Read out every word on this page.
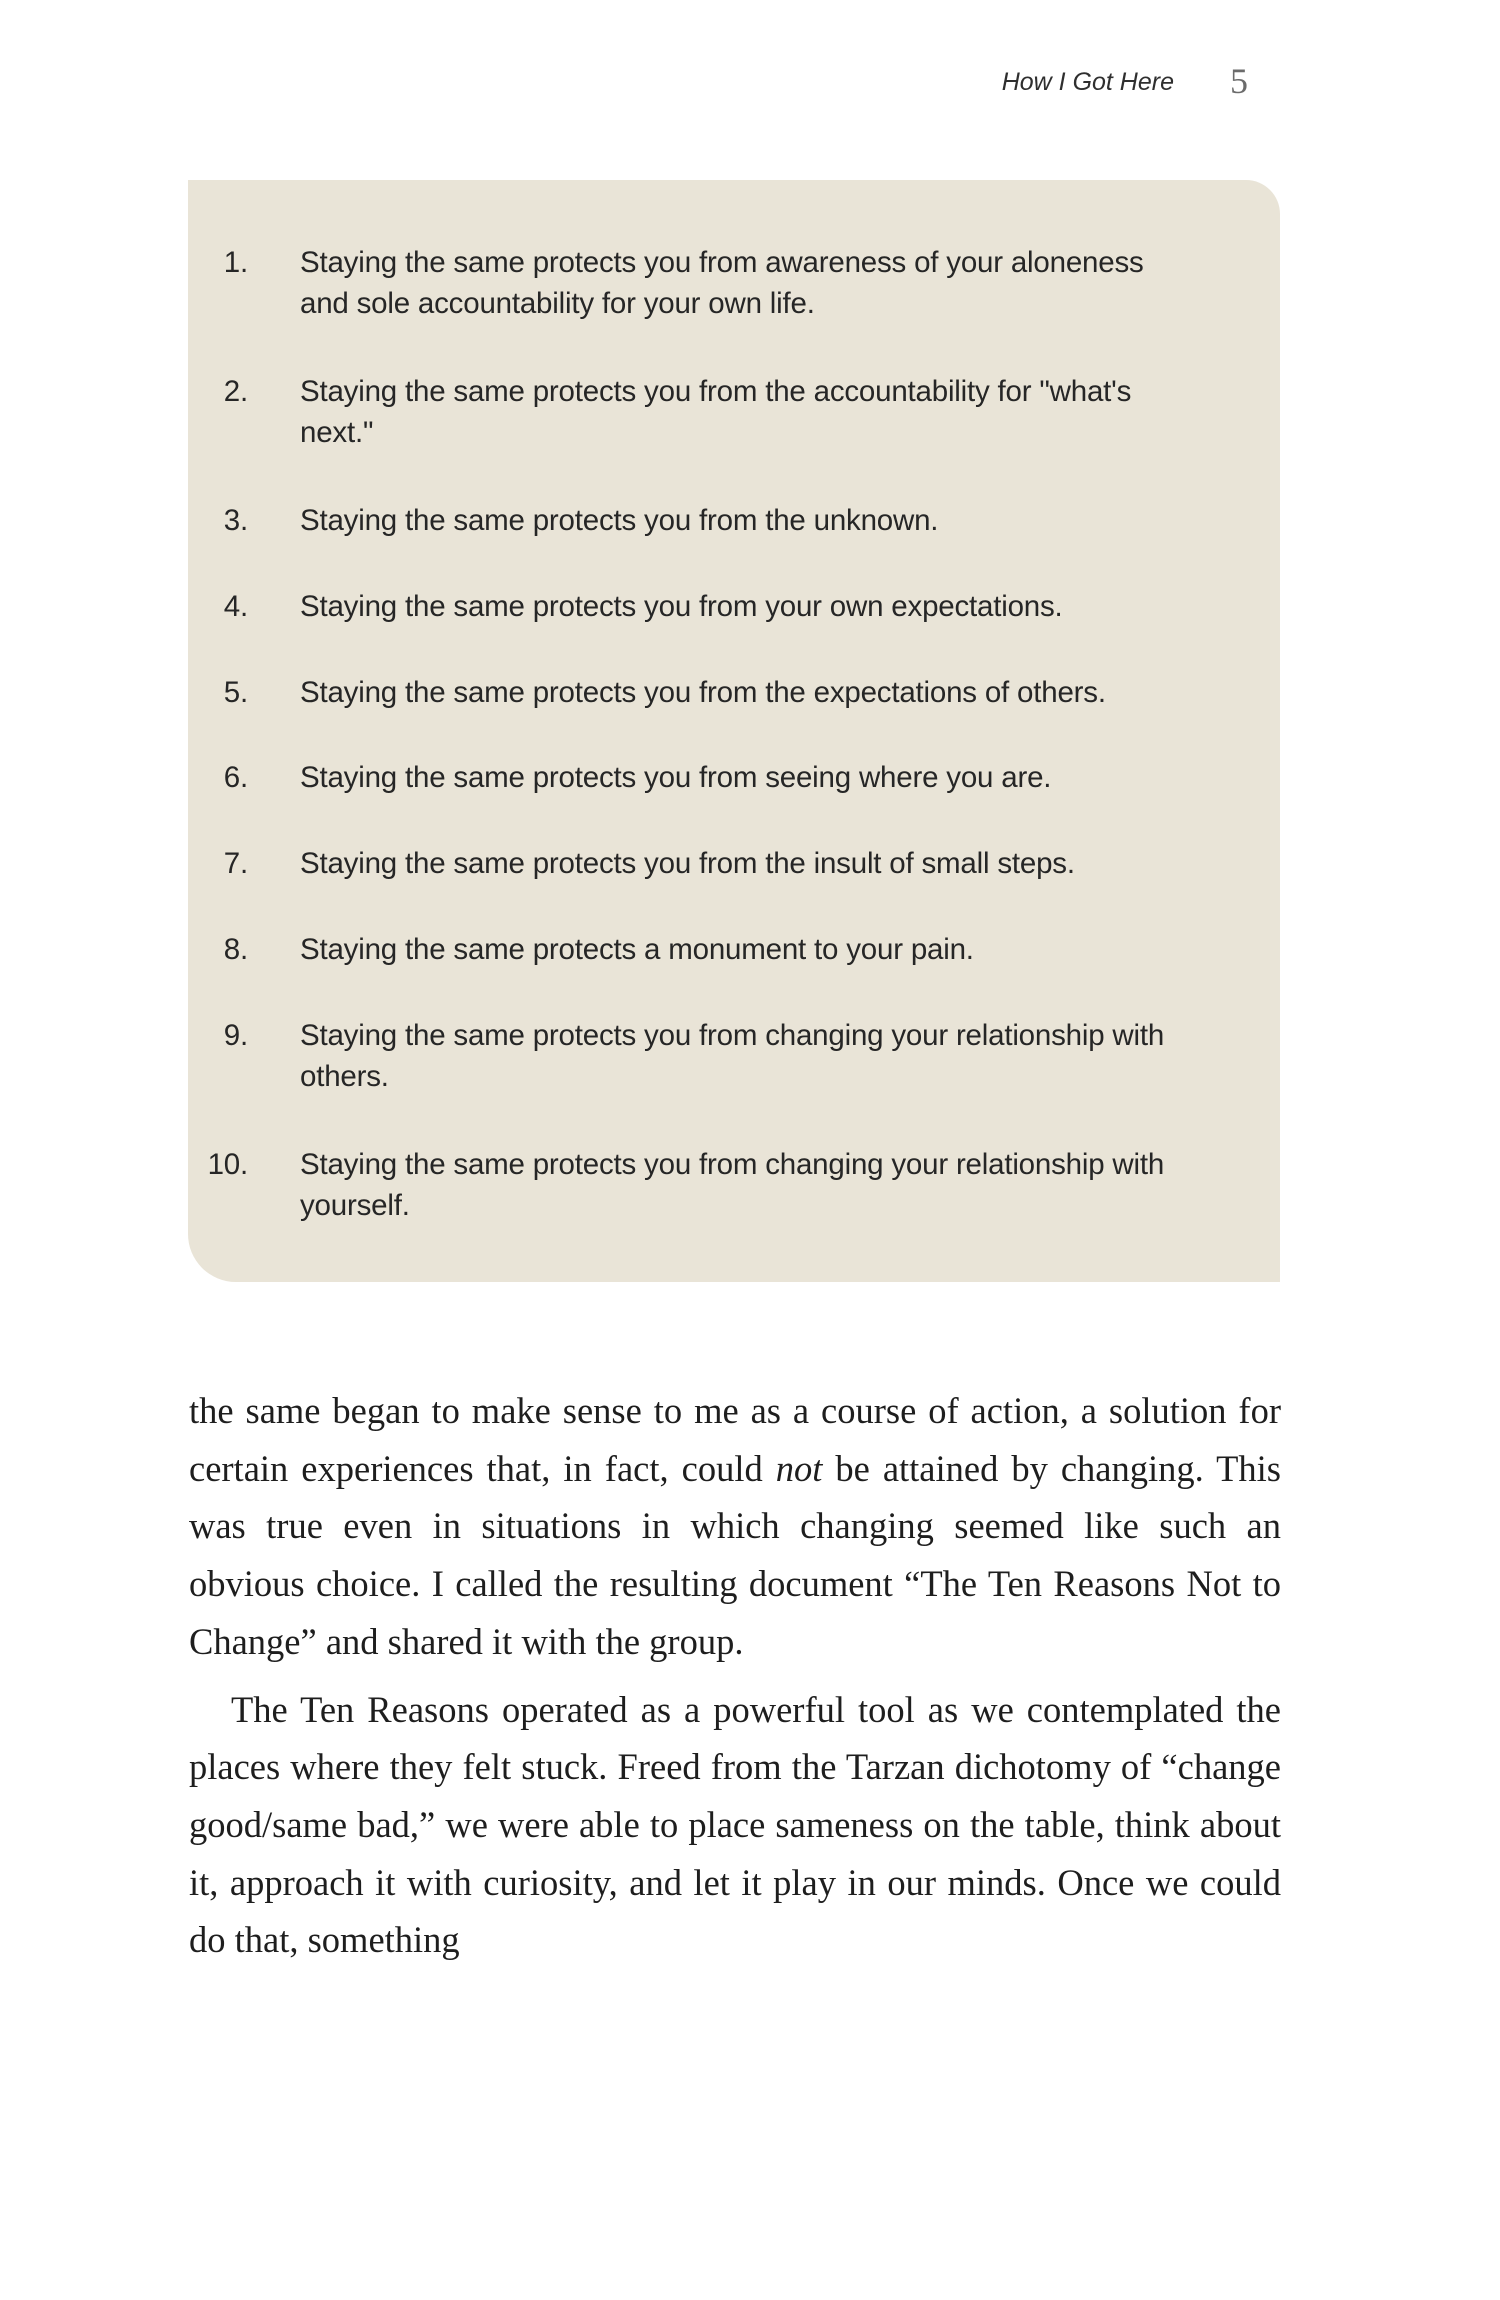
How I Got Here 5
1. Staying the same protects you from awareness of your aloneness and sole accountability for your own life.
2. Staying the same protects you from the accountability for "what's next."
3. Staying the same protects you from the unknown.
4. Staying the same protects you from your own expectations.
5. Staying the same protects you from the expectations of others.
6. Staying the same protects you from seeing where you are.
7. Staying the same protects you from the insult of small steps.
8. Staying the same protects a monument to your pain.
9. Staying the same protects you from changing your relationship with others.
10. Staying the same protects you from changing your relationship with yourself.

the same began to make sense to me as a course of action, a solution for certain experiences that, in fact, could not be attained by changing. This was true even in situations in which changing seemed like such an obvious choice. I called the resulting document “The Ten Reasons Not to Change” and shared it with the group.

The Ten Reasons operated as a powerful tool as we contemplated the places where they felt stuck. Freed from the Tarzan dichotomy of “change good/same bad,” we were able to place sameness on the table, think about it, approach it with curiosity, and let it play in our minds. Once we could do that, something
